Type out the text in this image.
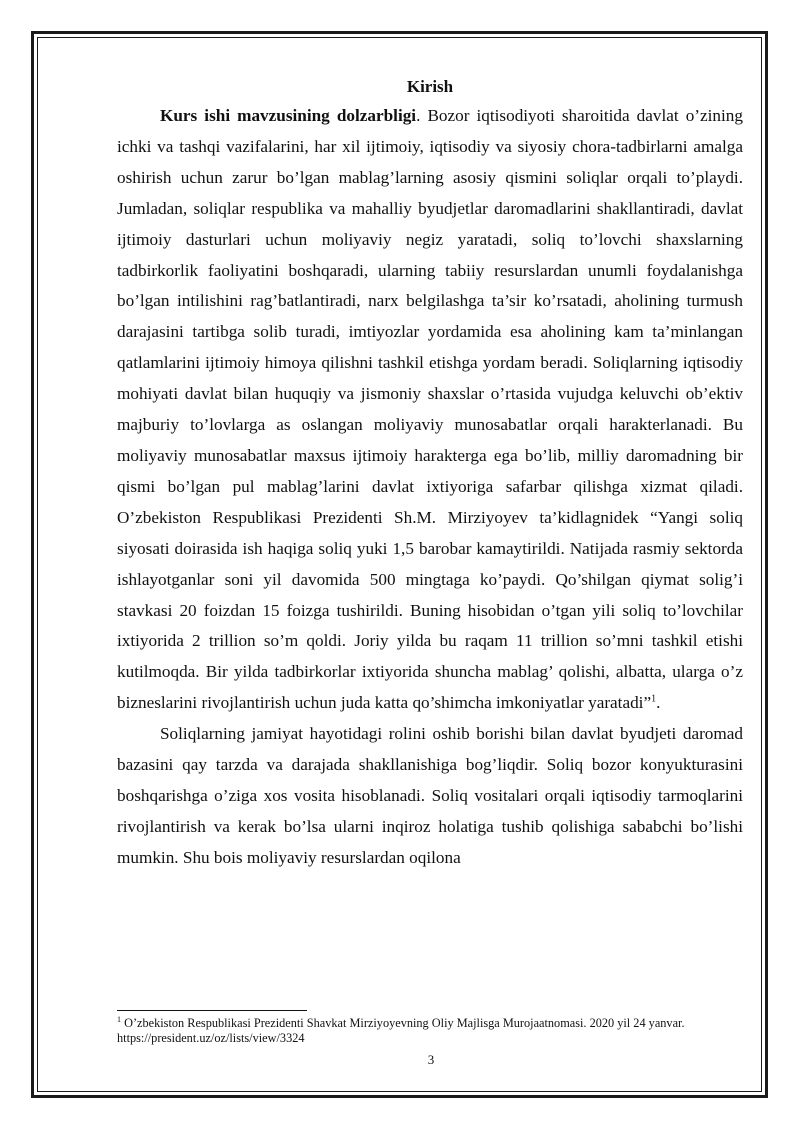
Kirish

Kurs ishi mavzusining dolzarbligi. Bozor iqtisodiyoti sharoitida davlat o’zining ichki va tashqi vazifalarini, har xil ijtimoiy, iqtisodiy va siyosiy chora-tadbirlarni amalga oshirish uchun zarur bo’lgan mablag’larning asosiy qismini soliqlar orqali to’playdi. Jumladan, soliqlar respublika va mahalliy byudjetlar daromadlarini shakllantiradi, davlat ijtimoiy dasturlari uchun moliyaviy negiz yaratadi, soliq to’lovchi shaxslarning tadbirkorlik faoliyatini boshqaradi, ularning tabiiy resurslardan unumli foydalanishga bo’lgan intilishini rag’batlantiradi, narx belgilashga ta’sir ko’rsatadi, aholining turmush darajasini tartibga solib turadi, imtiyozlar yordamida esa aholining kam ta’minlangan qatlamlarini ijtimoiy himoya qilishni tashkil etishga yordam beradi. Soliqlarning iqtisodiy mohiyati davlat bilan huquqiy va jismoniy shaxslar o’rtasida vujudga keluvchi ob’ektiv majburiy to’lovlarga as oslangan moliyaviy munosabatlar orqali harakterlanadi. Bu moliyaviy munosabatlar maxsus ijtimoiy harakterga ega bo’lib, milliy daromadning bir qismi bo’lgan pul mablag’larini davlat ixtiyoriga safarbar qilishga xizmat qiladi. O’zbekiston Respublikasi Prezidenti Sh.M. Mirziyoyev ta’kidlagnidek “Yangi soliq siyosati doirasida ish haqiga soliq yuki 1,5 barobar kamaytirildi. Natijada rasmiy sektorda ishlayotganlar soni yil davomida 500 mingtaga ko’paydi. Qo’shilgan qiymat solig’i stavkasi 20 foizdan 15 foizga tushirildi. Buning hisobidan o’tgan yili soliq to’lovchilar ixtiyorida 2 trillion so’m qoldi. Joriy yilda bu raqam 11 trillion so’mni tashkil etishi kutilmoqda. Bir yilda tadbirkorlar ixtiyorida shuncha mablag’ qolishi, albatta, ularga o’z bizneslarini rivojlantirish uchun juda katta qo’shimcha imkoniyatlar yaratadi”$^1$.

Soliqlarning jamiyat hayotidagi rolini oshib borishi bilan davlat byudjeti daromad bazasini qay tarzda va darajada shakllanishiga bog’liqdir. Soliq bozor konyukturasini boshqarishga o’ziga xos vosita hisoblanadi. Soliq vositalari orqali iqtisodiy tarmoqlarini rivojlantirish va kerak bo’lsa ularni inqiroz holatiga tushib qolishiga sababchi bo’lishi mumkin. Shu bois moliyaviy resurslardan oqilona

$^1$ O’zbekiston Respublikasi Prezidenti Shavkat Mirziyoyevning Oliy Majlisga Murojaatnomasi. 2020 yil 24 yanvar. https://president.uz/oz/lists/view/3324
3
